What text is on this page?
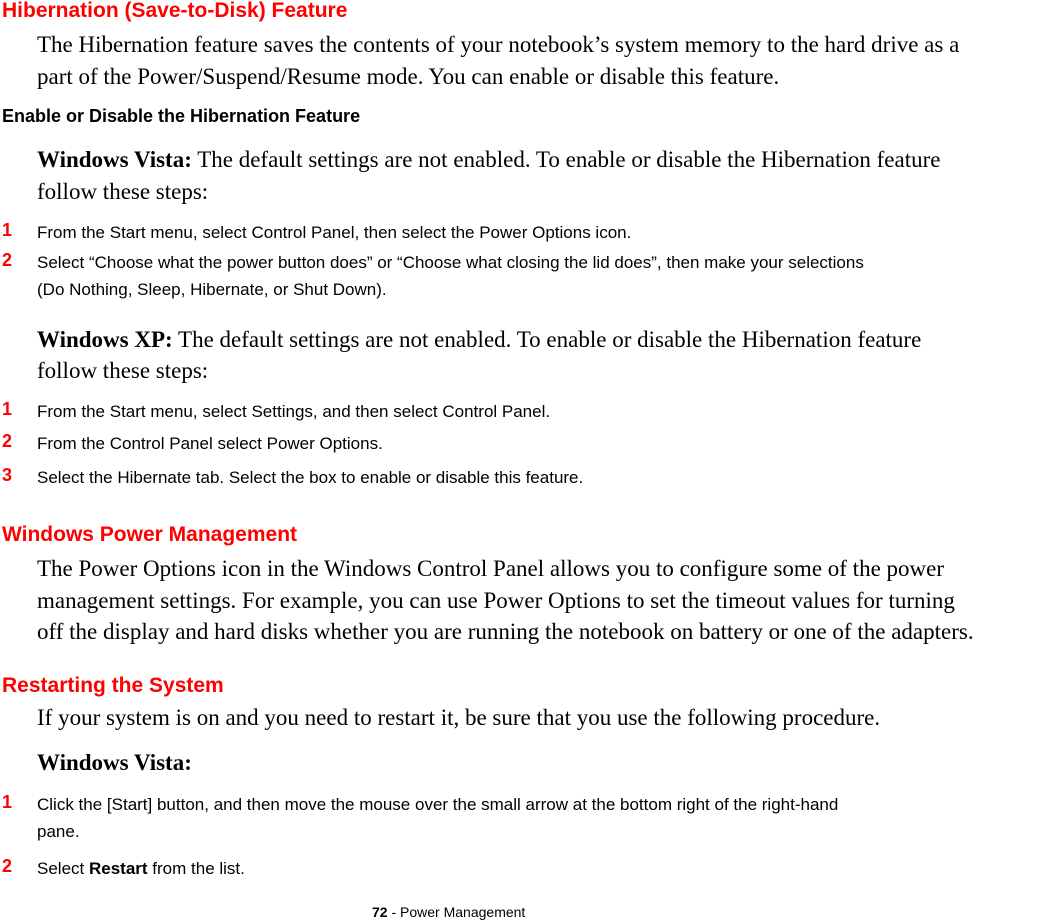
Hibernation (Save-to-Disk) Feature
The Hibernation feature saves the contents of your notebook’s system memory to the hard drive as a
part of the Power/Suspend/Resume mode. You can enable or disable this feature.
Enable or Disable the Hibernation Feature
Windows Vista: The default settings are not enabled. To enable or disable the Hibernation feature
follow these steps:
1 From the Start menu, select Control Panel, then select the Power Options icon.
2 Select “Choose what the power button does” or “Choose what closing the lid does”, then make your selections
(Do Nothing, Sleep, Hibernate, or Shut Down).
Windows XP: The default settings are not enabled. To enable or disable the Hibernation feature
follow these steps:
1 From the Start menu, select Settings, and then select Control Panel.
2 From the Control Panel select Power Options.
3 Select the Hibernate tab. Select the box to enable or disable this feature.
Windows Power Management
The Power Options icon in the Windows Control Panel allows you to configure some of the power
management settings. For example, you can use Power Options to set the timeout values for turning
off the display and hard disks whether you are running the notebook on battery or one of the adapters.
Restarting the System
If your system is on and you need to restart it, be sure that you use the following procedure.
Windows Vista:
1 Click the [Start] button, and then move the mouse over the small arrow at the bottom right of the right-hand
pane.
2 Select Restart from the list.
72 - Power Management
